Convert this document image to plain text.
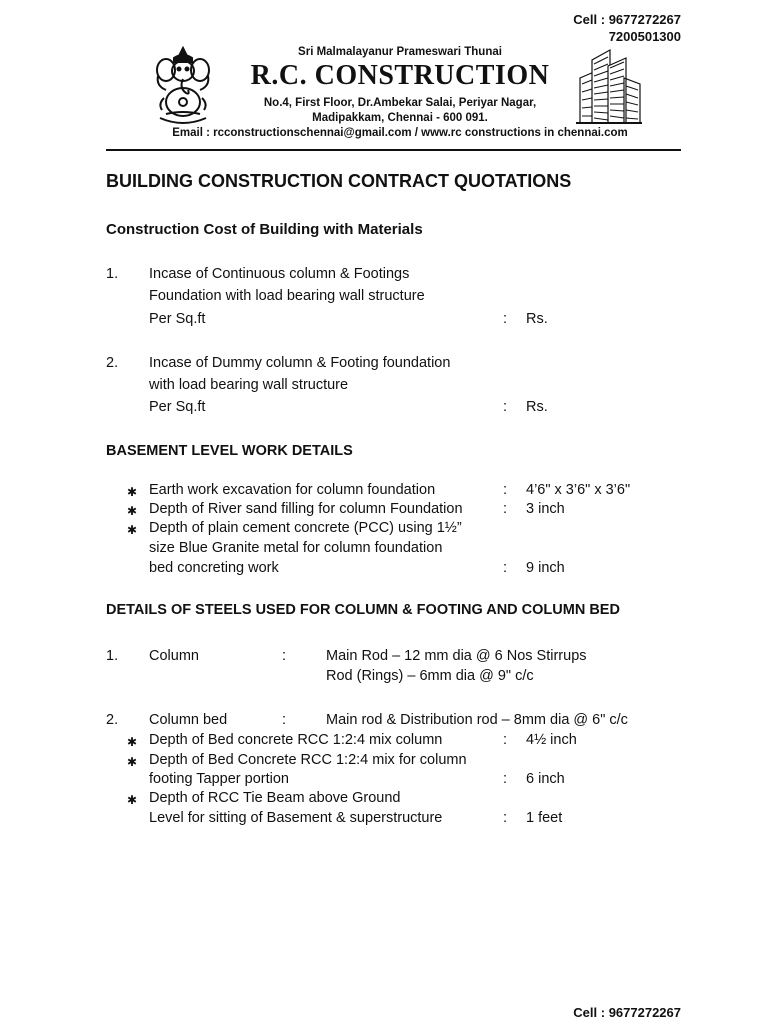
Cell : 9677272267
7200501300
Sri Malmalayanur Prameswari Thunai
R.C. CONSTRUCTION
No.4, First Floor, Dr.Ambekar Salai, Periyar Nagar,
Madipakkam, Chennai - 600 091.
Email : rcconstructionschennai@gmail.com / www.rc constructions in chennai.com
BUILDING CONSTRUCTION CONTRACT QUOTATIONS
Construction Cost of Building with Materials
1. Incase of Continuous column & Footings
Foundation with load bearing wall structure
Per Sq.ft	: Rs.
2. Incase of Dummy column & Footing foundation
with load bearing wall structure
Per Sq.ft	: Rs.
BASEMENT LEVEL WORK DETAILS
✱ Earth work excavation for column foundation	: 4’6" x 3’6" x 3’6"
✱ Depth of River sand filling for column Foundation	: 3 inch
✱ Depth of plain cement concrete (PCC) using 1½”
size Blue Granite metal for column foundation
bed concreting work	: 9 inch
DETAILS OF STEELS USED FOR COLUMN & FOOTING AND COLUMN BED
1. Column	:	Main Rod – 12 mm dia @ 6 Nos Stirrups
Rod (Rings) – 6mm dia @ 9" c/c
2. Column bed	:	Main rod & Distribution rod – 8mm dia @ 6" c/c
✱ Depth of Bed concrete RCC 1:2:4 mix column	: 4½ inch
✱ Depth of Bed Concrete RCC 1:2:4 mix for column
footing Tapper portion	: 6 inch
✱ Depth of RCC Tie Beam above Ground
Level for sitting of Basement & superstructure	: 1 feet
Cell : 9677272267
